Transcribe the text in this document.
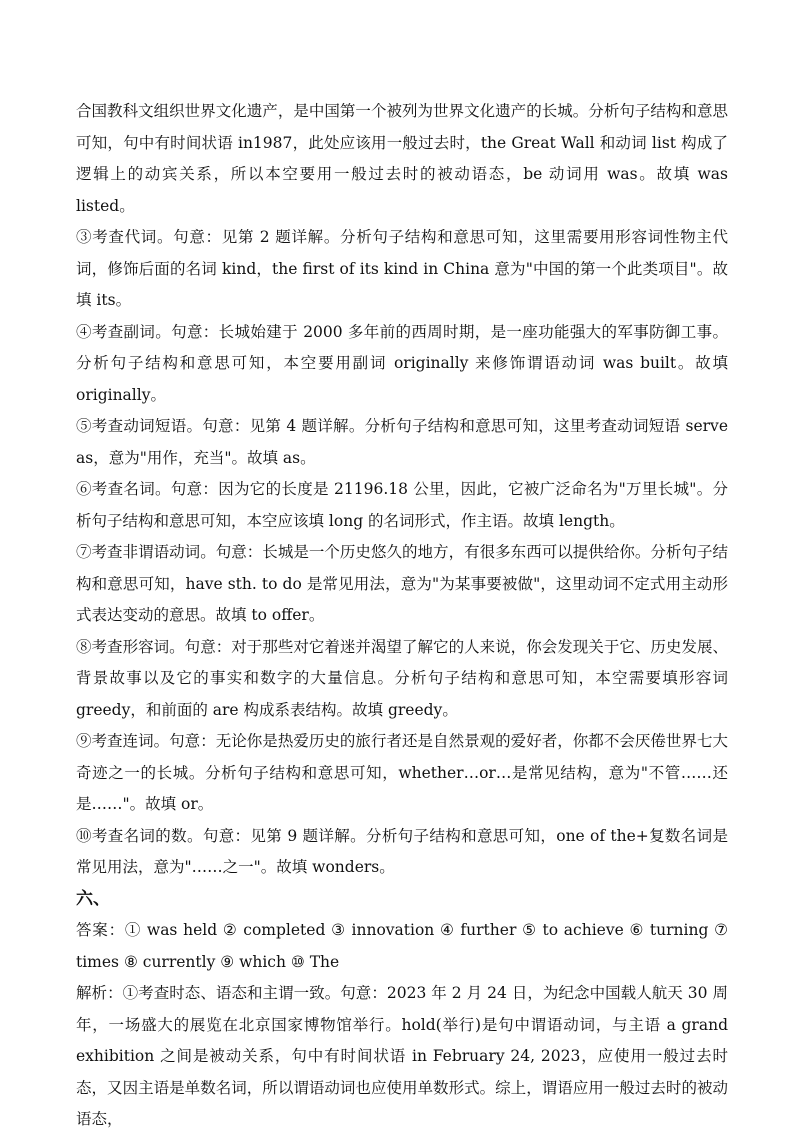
合国教科文组织世界文化遗产，是中国第一个被列为世界文化遗产的长城。分析句子结构和意思可知，句中有时间状语 in1987，此处应该用一般过去时，the Great Wall 和动词 list 构成了逻辑上的动宾关系，所以本空要用一般过去时的被动语态，be 动词用 was。故填 was listed。

③考查代词。句意：见第 2 题详解。分析句子结构和意思可知，这里需要用形容词性物主代词，修饰后面的名词 kind，the first of its kind in China 意为"中国的第一个此类项目"。故填 its。

④考查副词。句意：长城始建于 2000 多年前的西周时期，是一座功能强大的军事防御工事。分析句子结构和意思可知，本空要用副词 originally 来修饰谓语动词 was built。故填 originally。

⑤考查动词短语。句意：见第 4 题详解。分析句子结构和意思可知，这里考查动词短语 serve as，意为"用作，充当"。故填 as。

⑥考查名词。句意：因为它的长度是 21196.18 公里，因此，它被广泛命名为"万里长城"。分析句子结构和意思可知，本空应该填 long 的名词形式，作主语。故填 length。

⑦考查非谓语动词。句意：长城是一个历史悠久的地方，有很多东西可以提供给你。分析句子结构和意思可知，have sth. to do 是常见用法，意为"为某事要被做"，这里动词不定式用主动形式表达变动的意思。故填 to offer。

⑧考查形容词。句意：对于那些对它着迷并渴望了解它的人来说，你会发现关于它、历史发展、背景故事以及它的事实和数字的大量信息。分析句子结构和意思可知，本空需要填形容词 greedy，和前面的 are 构成系表结构。故填 greedy。

⑨考查连词。句意：无论你是热爱历史的旅行者还是自然景观的爱好者，你都不会厌倦世界七大奇迹之一的长城。分析句子结构和意思可知，whether…or…是常见结构，意为"不管……还是……"。故填 or。

⑩考查名词的数。句意：见第 9 题详解。分析句子结构和意思可知，one of the+复数名词是常见用法，意为"……之一"。故填 wonders。

六、

答案：① was held ② completed ③ innovation ④ further ⑤ to achieve ⑥ turning ⑦ times ⑧ currently ⑨ which ⑩ The

解析：①考查时态、语态和主谓一致。句意：2023 年 2 月 24 日，为纪念中国载人航天 30 周年，一场盛大的展览在北京国家博物馆举行。hold(举行)是句中谓语动词，与主语 a grand exhibition 之间是被动关系，句中有时间状语 in February 24, 2023，应使用一般过去时态，又因主语是单数名词，所以谓语动词也应使用单数形式。综上，谓语应用一般过去时的被动语态，
